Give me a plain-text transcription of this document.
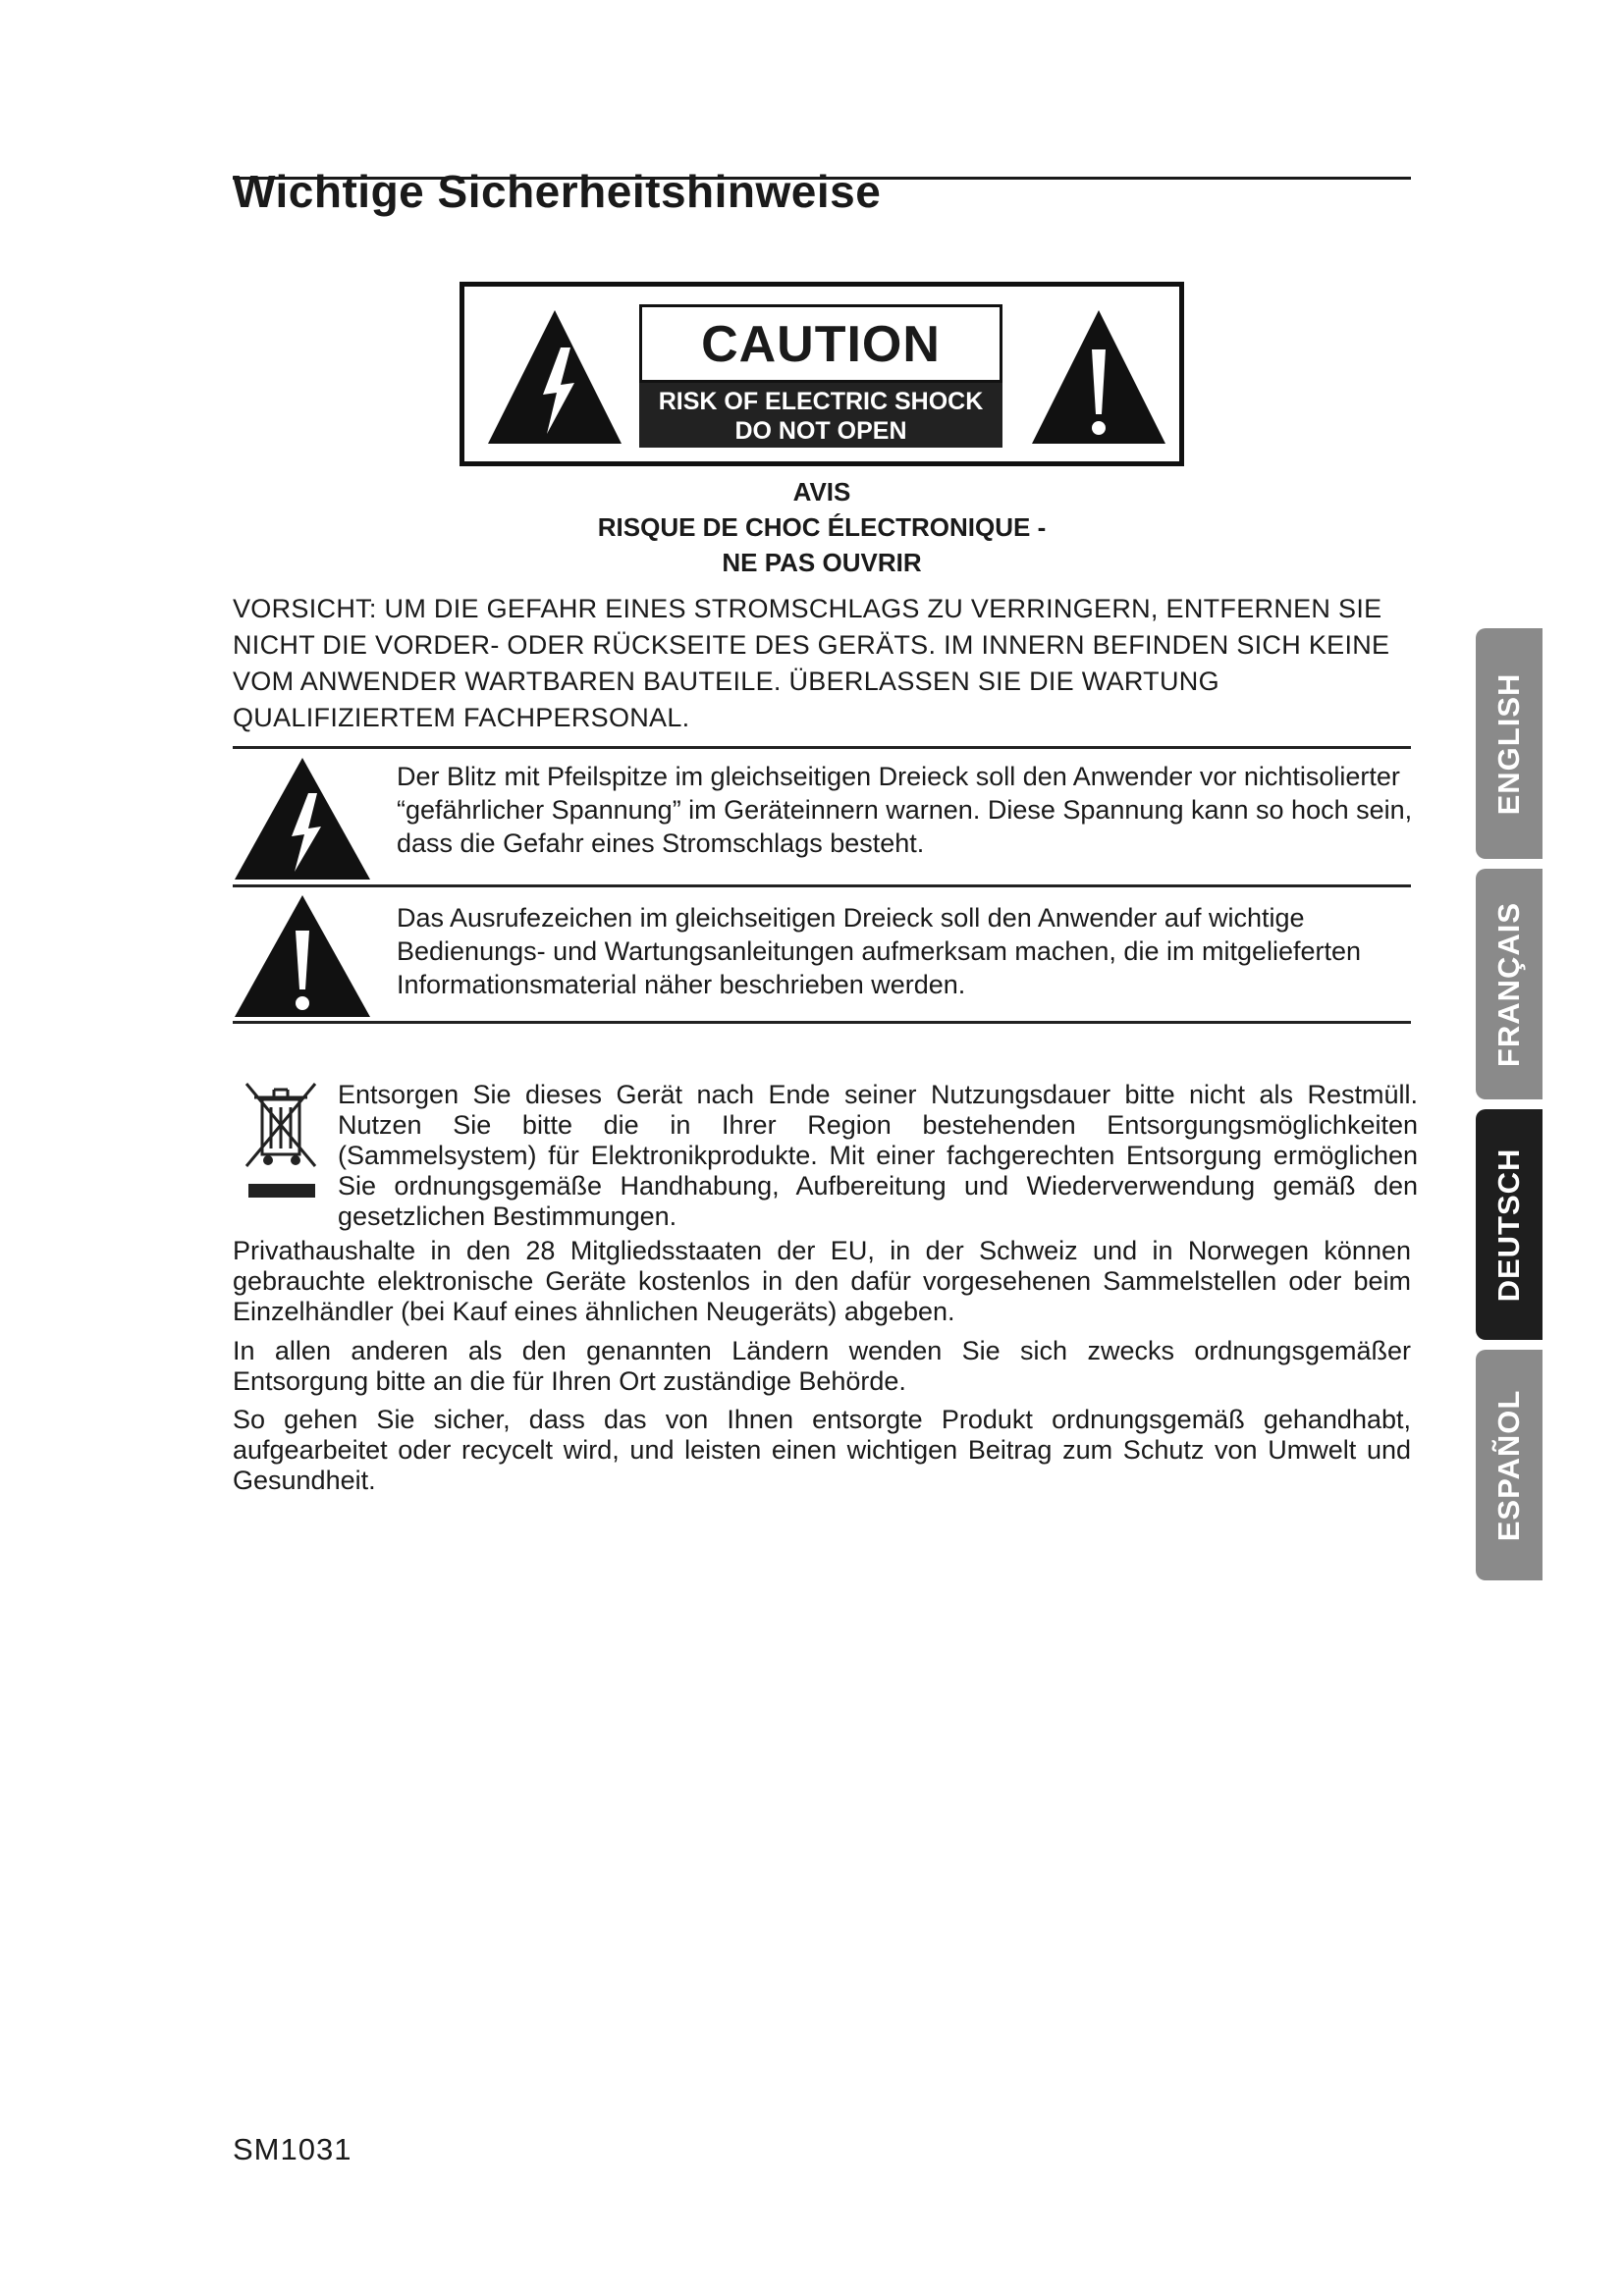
Wichtige Sicherheitshinweise
CAUTION
RISK OF ELECTRIC SHOCK
DO NOT OPEN
AVIS
RISQUE DE CHOC ÉLECTRONIQUE -
NE PAS OUVRIR
VORSICHT: UM DIE GEFAHR EINES STROMSCHLAGS ZU VERRINGERN, ENTFERNEN SIE NICHT DIE VORDER- ODER RÜCKSEITE DES GERÄTS. IM INNERN BEFINDEN SICH KEINE VOM ANWENDER WARTBAREN BAUTEILE. ÜBERLASSEN SIE DIE WARTUNG QUALIFIZIERTEM FACHPERSONAL.
Der Blitz mit Pfeilspitze im gleichseitigen Dreieck soll den Anwender vor nichtisolierter “gefährlicher Spannung” im Geräteinnern warnen. Diese Spannung kann so hoch sein, dass die Gefahr eines Stromschlags besteht.
Das Ausrufezeichen im gleichseitigen Dreieck soll den Anwender auf wichtige Bedienungs- und Wartungsanleitungen aufmerksam machen, die im mitgelieferten Informationsmaterial näher beschrieben werden.
Entsorgen Sie dieses Gerät nach Ende seiner Nutzungsdauer bitte nicht als Restmüll. Nutzen Sie bitte die in Ihrer Region bestehenden Entsorgungsmöglichkeiten (Sammelsystem) für Elektronikprodukte. Mit einer fachgerechten Entsorgung ermöglichen Sie ordnungsgemäße Handhabung, Aufbereitung und Wiederverwendung gemäß den gesetzlichen Bestimmungen.
Privathaushalte in den 28 Mitgliedsstaaten der EU, in der Schweiz und in Norwegen können gebrauchte elektronische Geräte kostenlos in den dafür vorgesehenen Sammelstellen oder beim Einzelhändler (bei Kauf eines ähnlichen Neugeräts) abgeben.
In allen anderen als den genannten Ländern wenden Sie sich zwecks ordnungsgemäßer Entsorgung bitte an die für Ihren Ort zuständige Behörde.
So gehen Sie sicher, dass das von Ihnen entsorgte Produkt ordnungsgemäß gehandhabt, aufgearbeitet oder recycelt wird, und leisten einen wichtigen Beitrag zum Schutz von Umwelt und Gesundheit.
SM1031
ENGLISH
FRANÇAIS
DEUTSCH
ESPAÑOL
